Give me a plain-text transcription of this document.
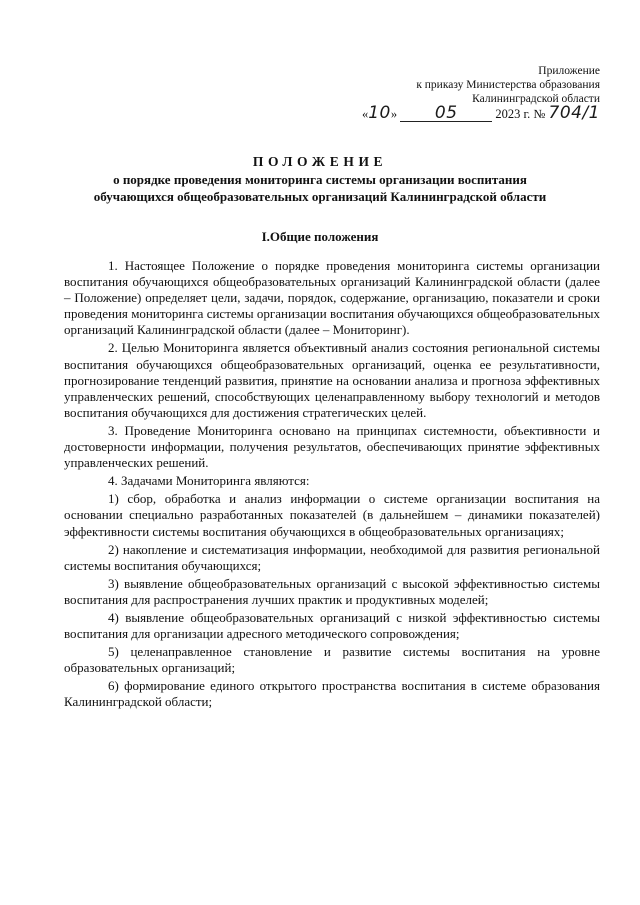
Приложение
к приказу Министерства образования
Калининградской области
«10» 05	2023 г. № 704/1
ПОЛОЖЕНИЕ
о порядке проведения мониторинга системы организации воспитания
обучающихся общеобразовательных организаций Калининградской области
I.Общие положения

1. Настоящее Положение о порядке проведения мониторинга системы организации воспитания обучающихся общеобразовательных организаций Калининградской области (далее – Положение) определяет цели, задачи, порядок, содержание, организацию, показатели и сроки проведения мониторинга системы организации воспитания обучающихся общеобразовательных организаций Калининградской области (далее – Мониторинг).

2. Целью Мониторинга является объективный анализ состояния региональной системы воспитания обучающихся общеобразовательных организаций, оценка ее результативности, прогнозирование тенденций развития, принятие на основании анализа и прогноза эффективных управленческих решений, способствующих целенаправленному выбору технологий и методов воспитания обучающихся для достижения стратегических целей.

3. Проведение Мониторинга основано на принципах системности, объективности и достоверности информации, получения результатов, обеспечивающих принятие эффективных управленческих решений.

4. Задачами Мониторинга являются:

1) сбор, обработка и анализ информации о системе организации воспитания на основании специально разработанных показателей (в дальнейшем – динамики показателей) эффективности системы воспитания обучающихся в общеобразовательных организациях;

2) накопление и систематизация информации, необходимой для развития региональной системы воспитания обучающихся;

3) выявление общеобразовательных организаций с высокой эффективностью системы воспитания для распространения лучших практик и продуктивных моделей;

4) выявление общеобразовательных организаций с низкой эффективностью системы воспитания для организации адресного методического сопровождения;

5) целенаправленное становление и развитие системы воспитания на уровне образовательных организаций;

6) формирование единого открытого пространства воспитания в системе образования Калининградской области;
